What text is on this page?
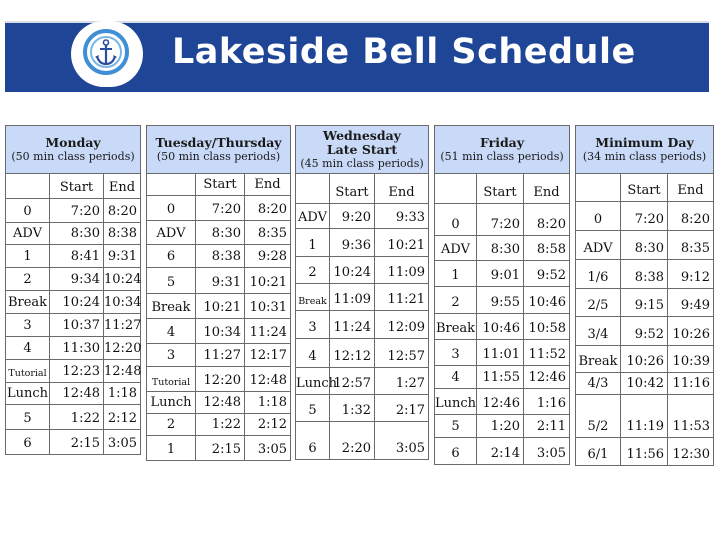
Lakeside Bell Schedule
Monday
(50 min class periods)		

	Start	End
0	7:20	8:20
ADV	8:30	8:38
1	8:41	9:31
2	9:34	10:24
Break	10:24	10:34
3	10:37	11:27
4	11:30	12:20
Tutorial	12:23	12:48
Lunch	12:48	1:18
5	1:22	2:12
6	2:15	3:05
Tuesday/Thursday
(50 min class periods)		

	Start	End
0	7:20	8:20
ADV	8:30	8:35
6	8:38	9:28
5	9:31	10:21
Break	10:21	10:31
4	10:34	11:24
3	11:27	12:17
Tutorial	12:20	12:48
Lunch	12:48	1:18
2	1:22	2:12
1	2:15	3:05
Wednesday
Late Start
(45 min class periods)		

	Start	End
ADV	9:20	9:33
1	9:36	10:21
2	10:24	11:09
Break	11:09	11:21
3	11:24	12:09
4	12:12	12:57
Lunch	12:57	1:27
5	1:32	2:17
6	2:20	3:05
Friday
(51 min class periods)		

	Start	End
0	7:20	8:20
ADV	8:30	8:58
1	9:01	9:52
2	9:55	10:46
Break	10:46	10:58
3	11:01	11:52
4	11:55	12:46
Lunch	12:46	1:16
5	1:20	2:11
6	2:14	3:05
Minimum Day
(34 min class periods)		

	Start	End
0	7:20	8:20
ADV	8:30	8:35
1/6	8:38	9:12
2/5	9:15	9:49
3/4	9:52	10:26
Break	10:26	10:39
4/3	10:42	11:16
5/2	11:19	11:53
6/1	11:56	12:30
